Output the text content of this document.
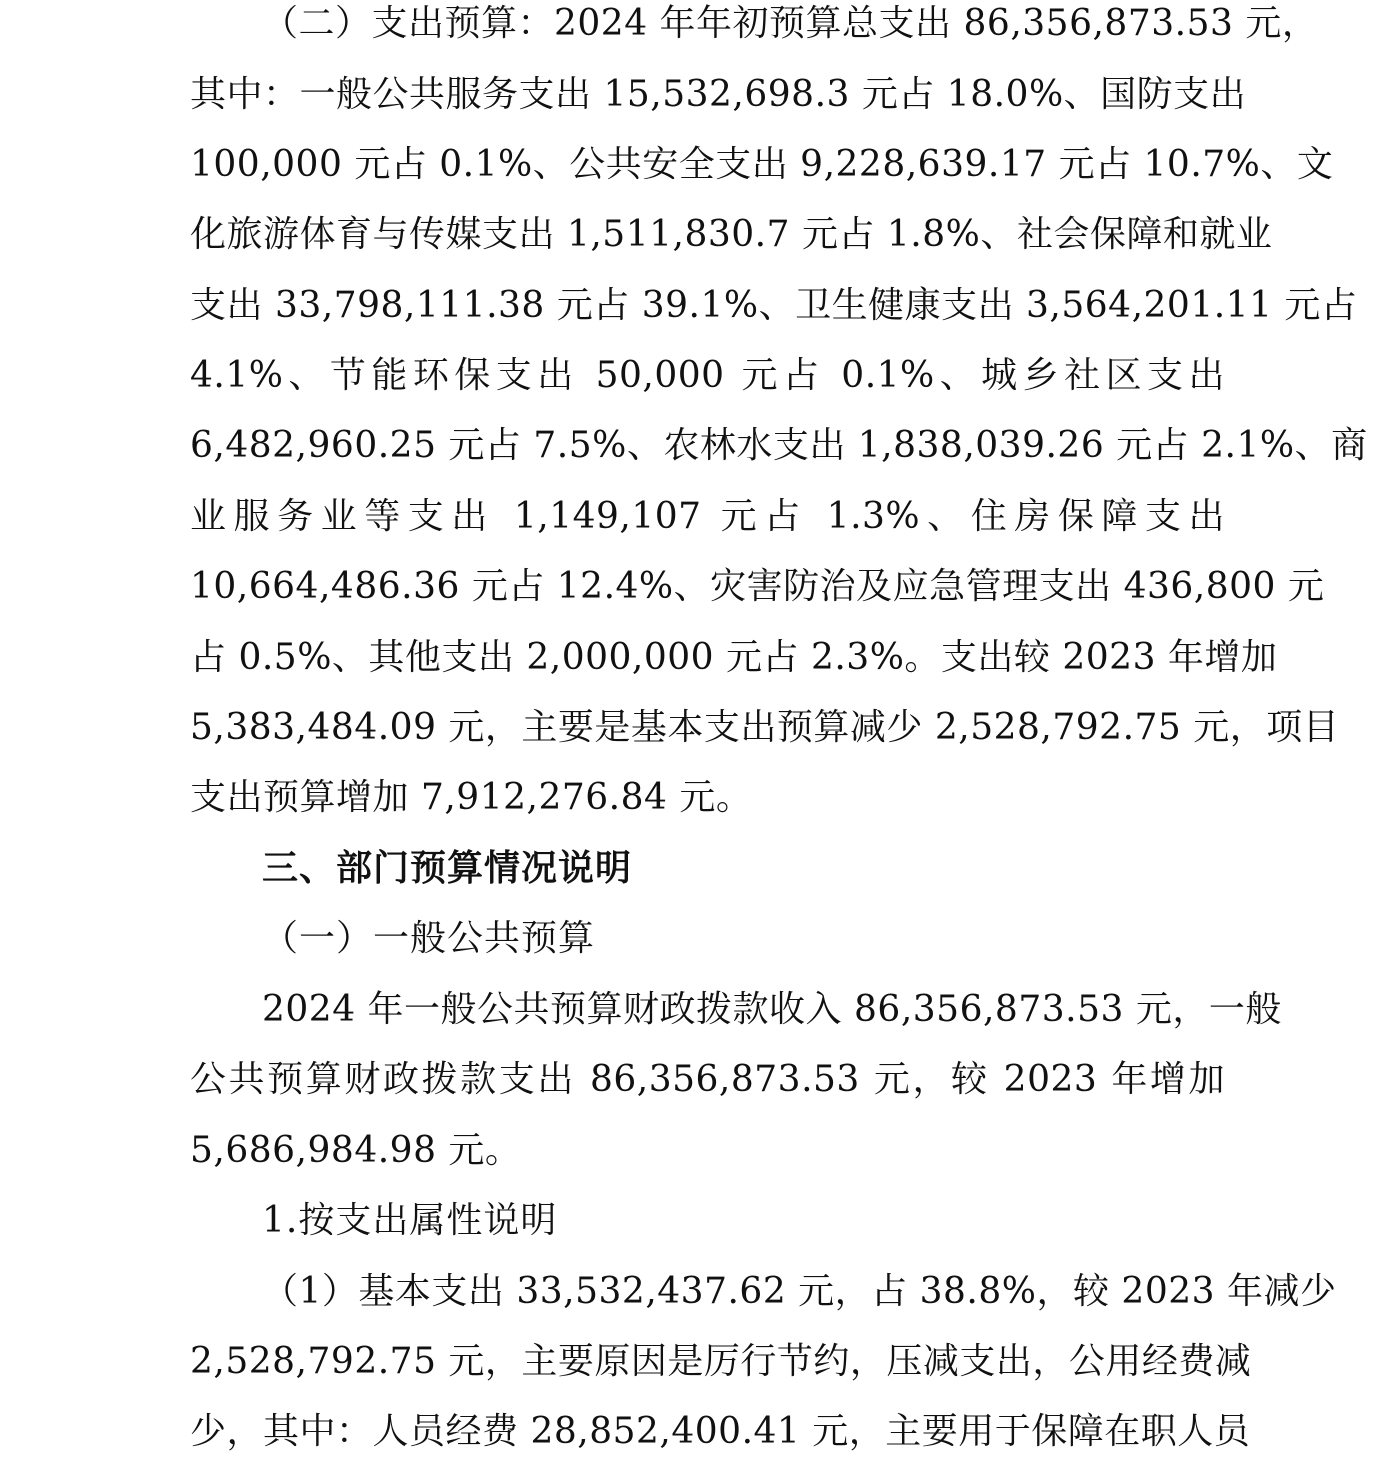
（二）支出预算：2024 年年初预算总支出 86,356,873.53 元，
其中：一般公共服务支出 15,532,698.3 元占 18.0%、国防支出
100,000 元占 0.1%、公共安全支出 9,228,639.17 元占 10.7%、文
化旅游体育与传媒支出 1,511,830.7 元占 1.8%、社会保障和就业
支出 33,798,111.38 元占 39.1%、卫生健康支出 3,564,201.11 元占
4.1%、节能环保支出 50,000 元占 0.1%、城乡社区支出
6,482,960.25 元占 7.5%、农林水支出 1,838,039.26 元占 2.1%、商
业服务业等支出 1,149,107 元占 1.3%、住房保障支出
10,664,486.36 元占 12.4%、灾害防治及应急管理支出 436,800 元
占 0.5%、其他支出 2,000,000 元占 2.3%。支出较 2023 年增加
5,383,484.09 元，主要是基本支出预算减少 2,528,792.75 元，项目
支出预算增加 7,912,276.84 元。
三、部门预算情况说明
（一）一般公共预算
2024 年一般公共预算财政拨款收入 86,356,873.53 元，一般
公共预算财政拨款支出 86,356,873.53 元，较 2023 年增加
5,686,984.98 元。
1.按支出属性说明
（1）基本支出 33,532,437.62 元，占 38.8%，较 2023 年减少
2,528,792.75 元，主要原因是厉行节约，压减支出，公用经费减
少，其中：人员经费 28,852,400.41 元，主要用于保障在职人员
